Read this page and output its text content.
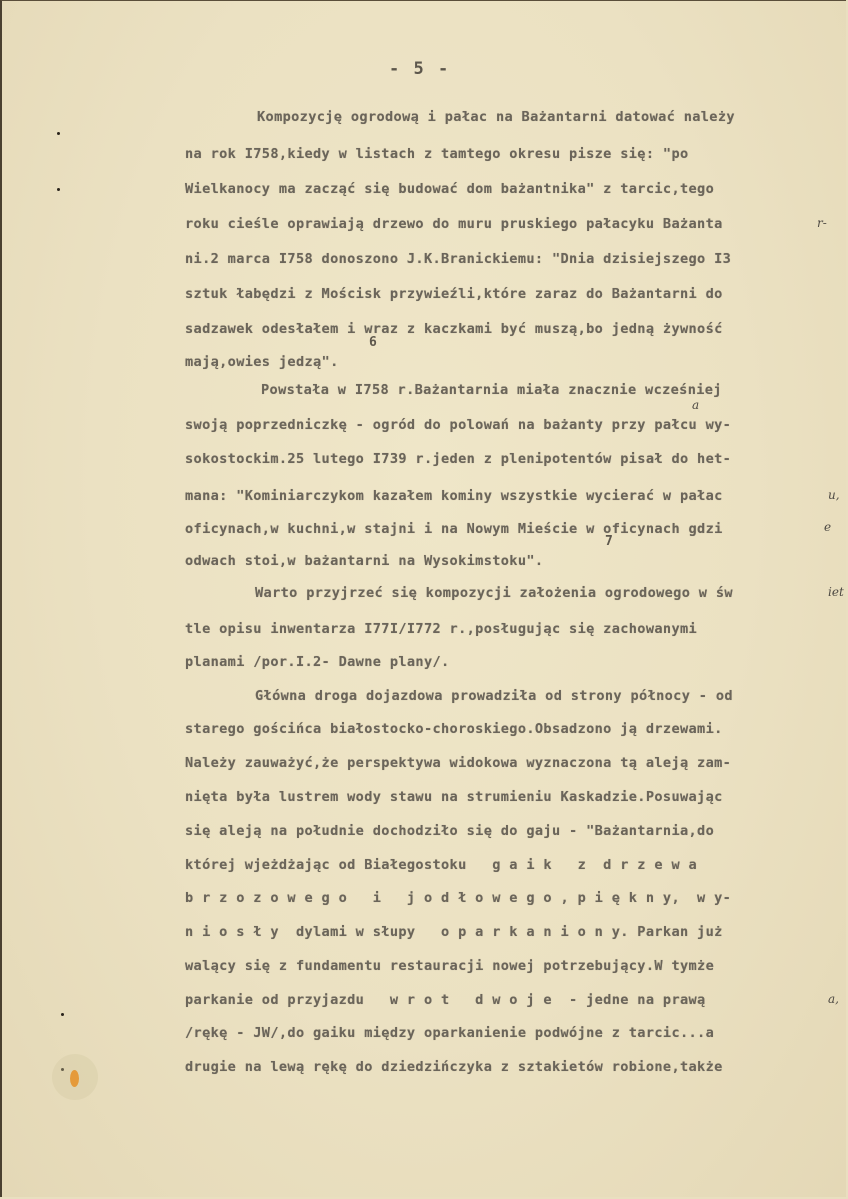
- 5 -
Kompozycję ogrodową i pałac na Bażantarni datować należy
na rok I758,kiedy w listach z tamtego okresu pisze się: "po
Wielkanocy ma zacząć się budować dom bażantnika" z tarcic,tego
roku cieśle oprawiają drzewo do muru pruskiego pałacyku Bażanta	r-
ni.2 marca I758 donoszono J.K.Branickiemu: "Dnia dzisiejszego I3
sztuk łabędzi z Mościsk przywieźli,które zaraz do Bażantarni do
sadzawek odesłałem i wraz z kaczkami być muszą,bo jedną żywność
6
mają,owies jedzą".
Powstała w I758 r.Bażantarnia miała znacznie wcześniej
a
swoją poprzedniczkę - ogród do polowań na bażanty przy pałcu wy-
sokostockim.25 lutego I739 r.jeden z plenipotentów pisał do het-
mana: "Kominiarczykom kazałem kominy wszystkie wycierać w pałac	u,
oficynach,w kuchni,w stajni i na Nowym Mieście w oficynach gdzi	e
7
odwach stoi,w bażantarni na Wysokimstoku".
Warto przyjrzeć się kompozycji założenia ogrodowego w św	iet
tle opisu inwentarza I77I/I772 r.,posługując się zachowanymi
planami /por.I.2- Dawne plany/.
Główna droga dojazdowa prowadziła od strony północy - od
starego gościńca białostocko-choroskiego.Obsadzono ją drzewami.
Należy zauważyć,że perspektywa widokowa wyznaczona tą aleją zam-
nięta była lustrem wody stawu na strumieniu Kaskadzie.Posuwając
się aleją na południe dochodziło się do gaju - "Bażantarnia,do
której wjeżdżając od Białegostoku   g a i k   z  d r z e w a
b r z o z o w e g o   i   j o d ł o w e g o , p i ę k n y,  w y-
n i o s ł y  dylami w słupy   o p a r k a n i o n y. Parkan już
walący się z fundamentu restauracji nowej potrzebujący.W tymże
parkanie od przyjazdu   w r o t   d w o j e  - jedne na prawą	a,
/rękę - JW/,do gaiku między oparkanienie podwójne z tarcic...a
drugie na lewą rękę do dziedzińczyka z sztakietów robione,także
